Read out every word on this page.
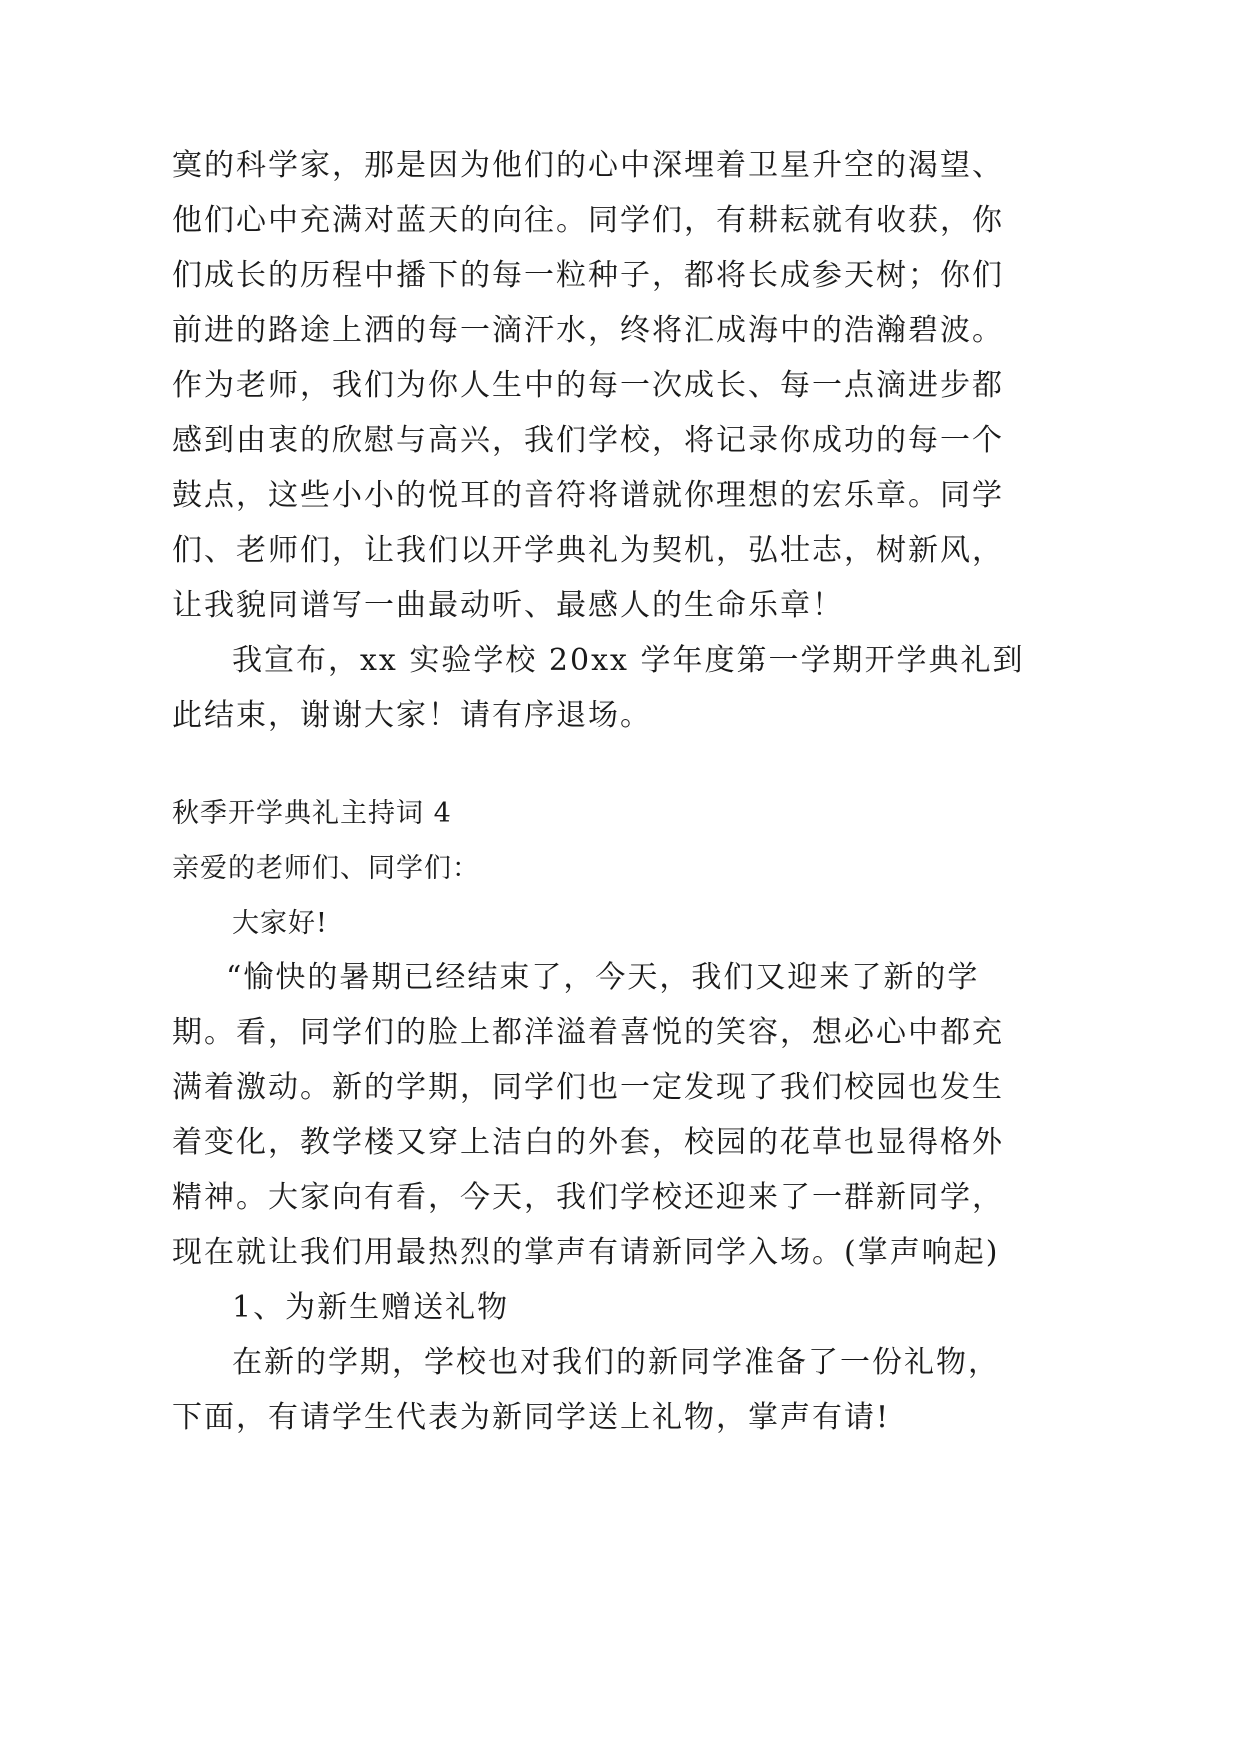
寞的科学家，那是因为他们的心中深埋着卫星升空的渴望、
他们心中充满对蓝天的向往。同学们，有耕耘就有收获，你
们成长的历程中播下的每一粒种子，都将长成参天树；你们
前进的路途上洒的每一滴汗水，终将汇成海中的浩瀚碧波。
作为老师，我们为你人生中的每一次成长、每一点滴进步都
感到由衷的欣慰与高兴，我们学校，将记录你成功的每一个
鼓点，这些小小的悦耳的音符将谱就你理想的宏乐章。同学
们、老师们，让我们以开学典礼为契机，弘壮志，树新风，
让我貌同谱写一曲最动听、最感人的生命乐章！
我宣布，xx 实验学校 20xx 学年度第一学期开学典礼到
此结束，谢谢大家！请有序退场。
秋季开学典礼主持词 4
亲爱的老师们、同学们：
大家好!
“愉快的暑期已经结束了，今天，我们又迎来了新的学
期。看，同学们的脸上都洋溢着喜悦的笑容，想必心中都充
满着激动。新的学期，同学们也一定发现了我们校园也发生
着变化，教学楼又穿上洁白的外套，校园的花草也显得格外
精神。大家向有看，今天，我们学校还迎来了一群新同学，
现在就让我们用最热烈的掌声有请新同学入场。(掌声响起)
1、为新生赠送礼物
在新的学期，学校也对我们的新同学准备了一份礼物，
下面，有请学生代表为新同学送上礼物，掌声有请!
